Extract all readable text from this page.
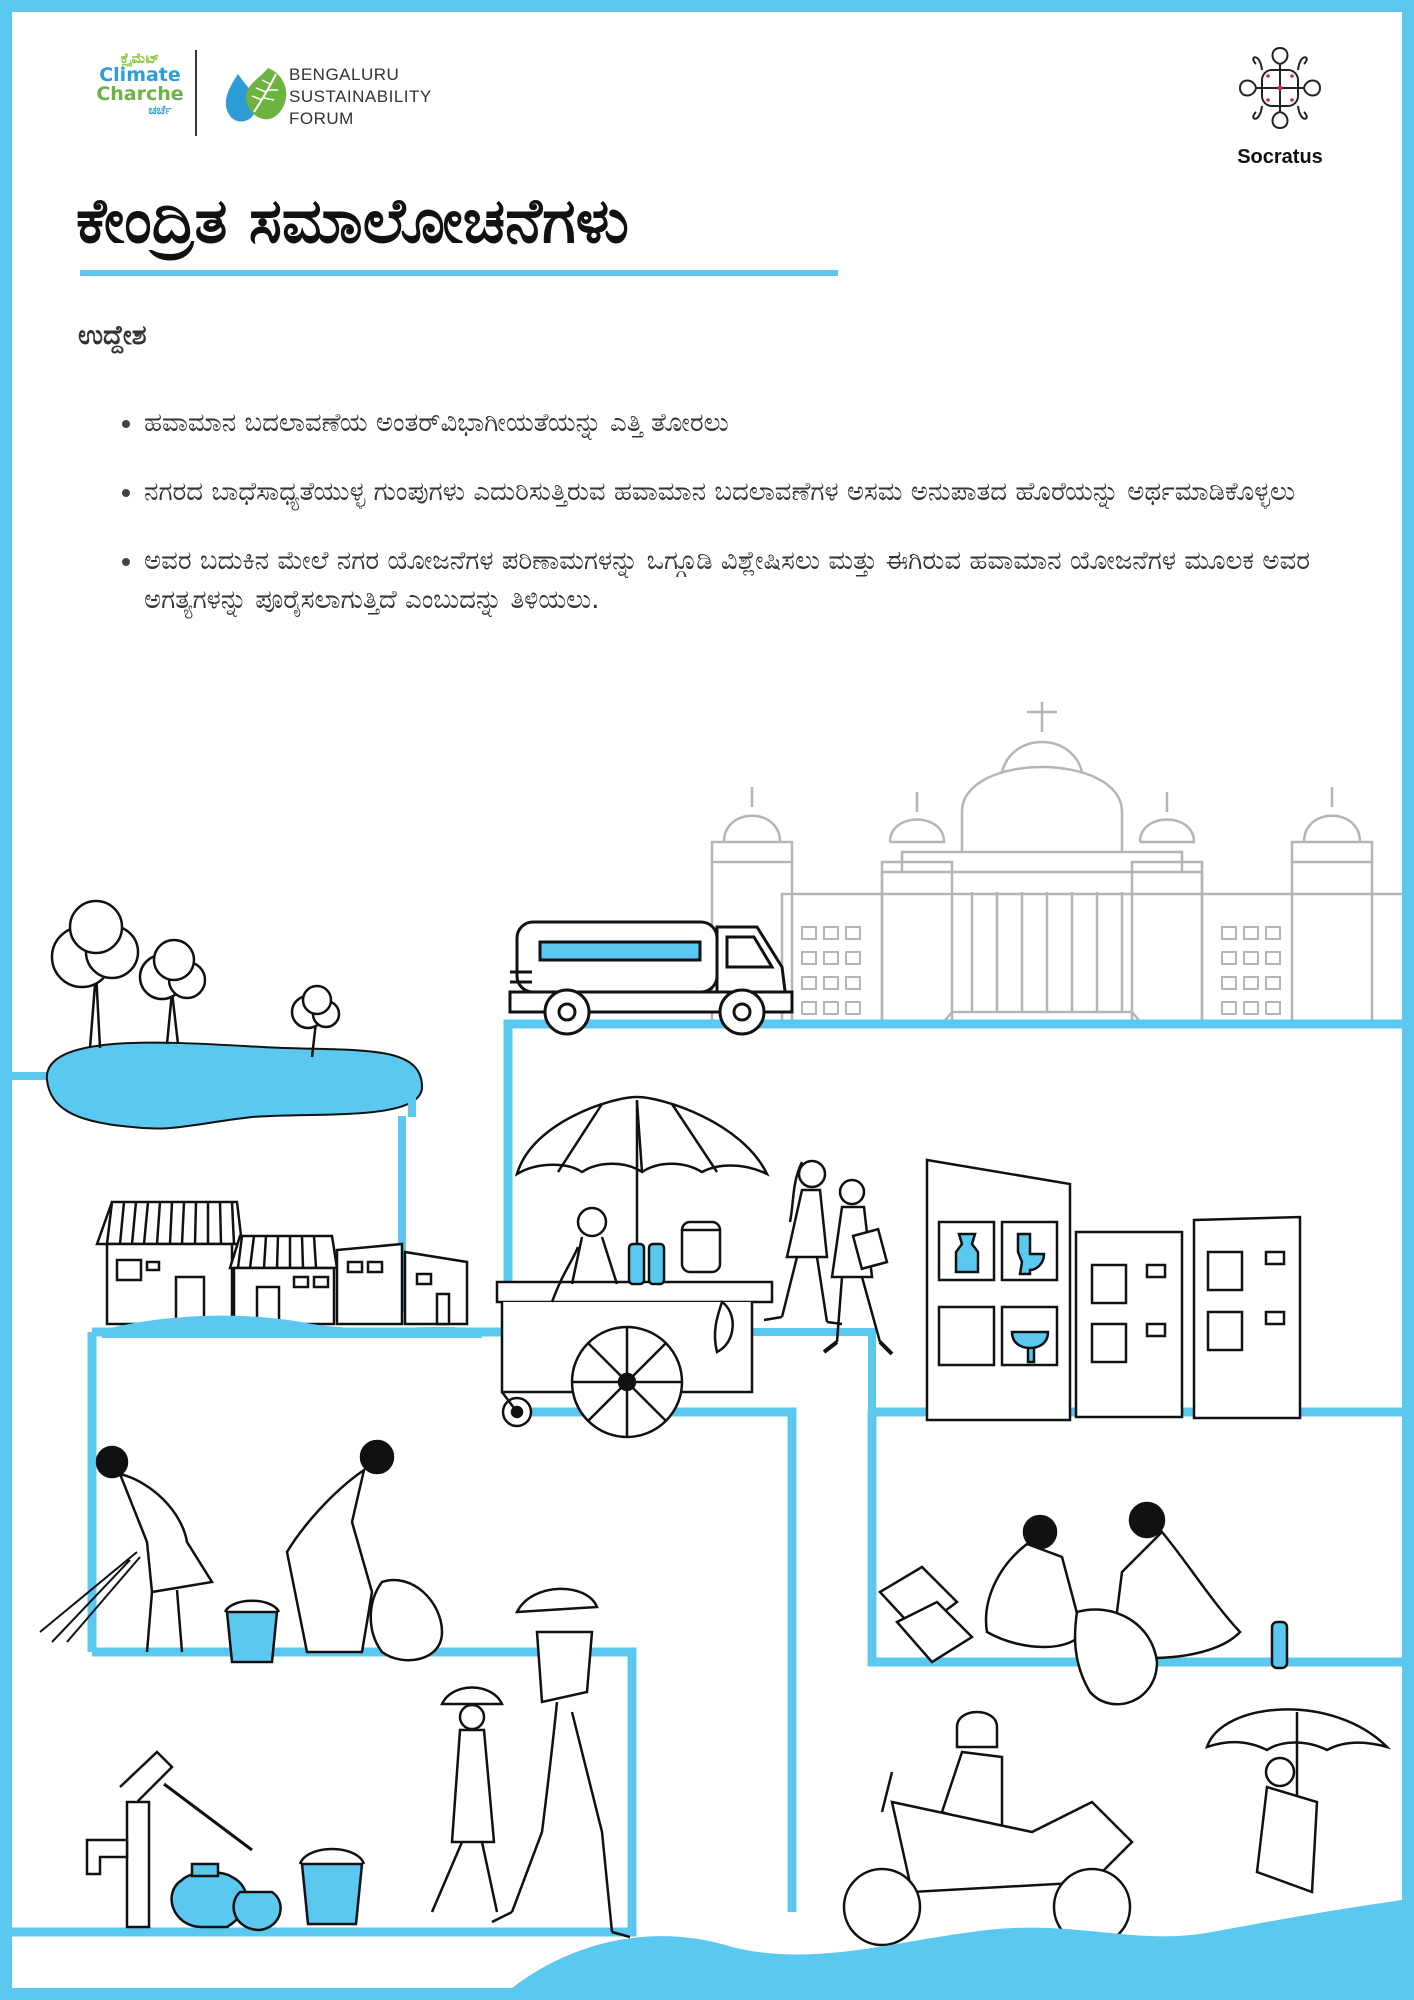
ಕ್ಲೈಮೆಟ್
Climate
Charche
ಚರ್ಚೆ
BENGALURU
SUSTAINABILITY
FORUM
Socratus
ಕೇಂದ್ರಿತ ಸಮಾಲೋಚನೆಗಳು
ಉದ್ದೇಶ
• ಹವಾಮಾನ ಬದಲಾವಣೆಯ ಅಂತರ್‌ವಿಭಾಗೀಯತೆಯನ್ನು ಎತ್ತಿ ತೋರಲು
• ನಗರದ ಬಾಧೆಸಾಧ್ಯತೆಯುಳ್ಳ ಗುಂಪುಗಳು ಎದುರಿಸುತ್ತಿರುವ ಹವಾಮಾನ ಬದಲಾವಣೆಗಳ ಅಸಮ ಅನುಪಾತದ ಹೊರೆಯನ್ನು ಅರ್ಥಮಾಡಿಕೊಳ್ಳಲು
• ಅವರ ಬದುಕಿನ ಮೇಲೆ ನಗರ ಯೋಜನೆಗಳ ಪರಿಣಾಮಗಳನ್ನು ಒಗ್ಗೂಡಿ ವಿಶ್ಲೇಷಿಸಲು ಮತ್ತು ಈಗಿರುವ ಹವಾಮಾನ ಯೋಜನೆಗಳ ಮೂಲಕ ಅವರ ಅಗತ್ಯಗಳನ್ನು ಪೂರೈಸಲಾಗುತ್ತಿದೆ ಎಂಬುದನ್ನು ತಿಳಿಯಲು.
